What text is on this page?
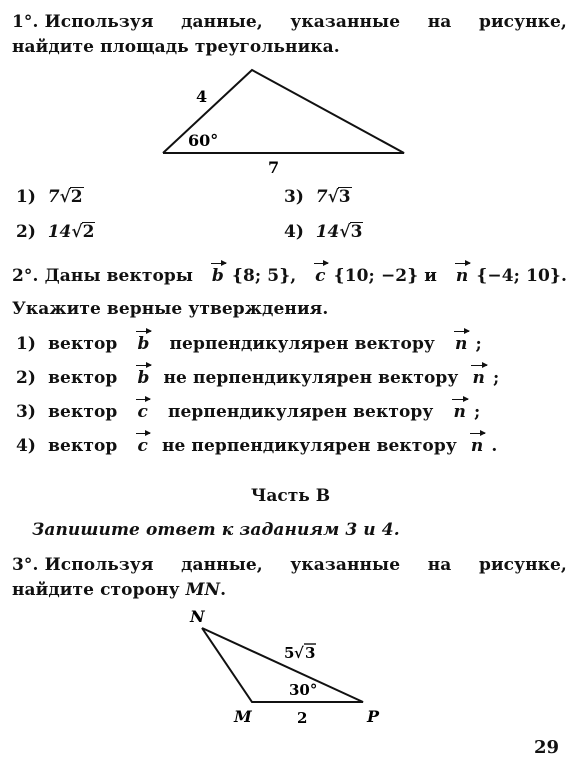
1°. Используя данные, указанные на рисунке,
найдите площадь треугольника.
4
60°
7
1) 7√2
2) 14√2
3) 7√3
4) 14√3
2°. Даны векторы b {8; 5}, c {10; −2} и n {−4; 10}.
Укажите верные утверждения.
1) вектор b перпендикулярен вектору n ;
2) вектор b не перпендикулярен вектору n ;
3) вектор c перпендикулярен вектору n ;
4) вектор c не перпендикулярен вектору n .
Часть В
Запишите ответ к заданиям 3 и 4.
3°. Используя данные, указанные на рисунке,
найдите сторону MN.
N
M	P
5 √ 3
30°
2
29
